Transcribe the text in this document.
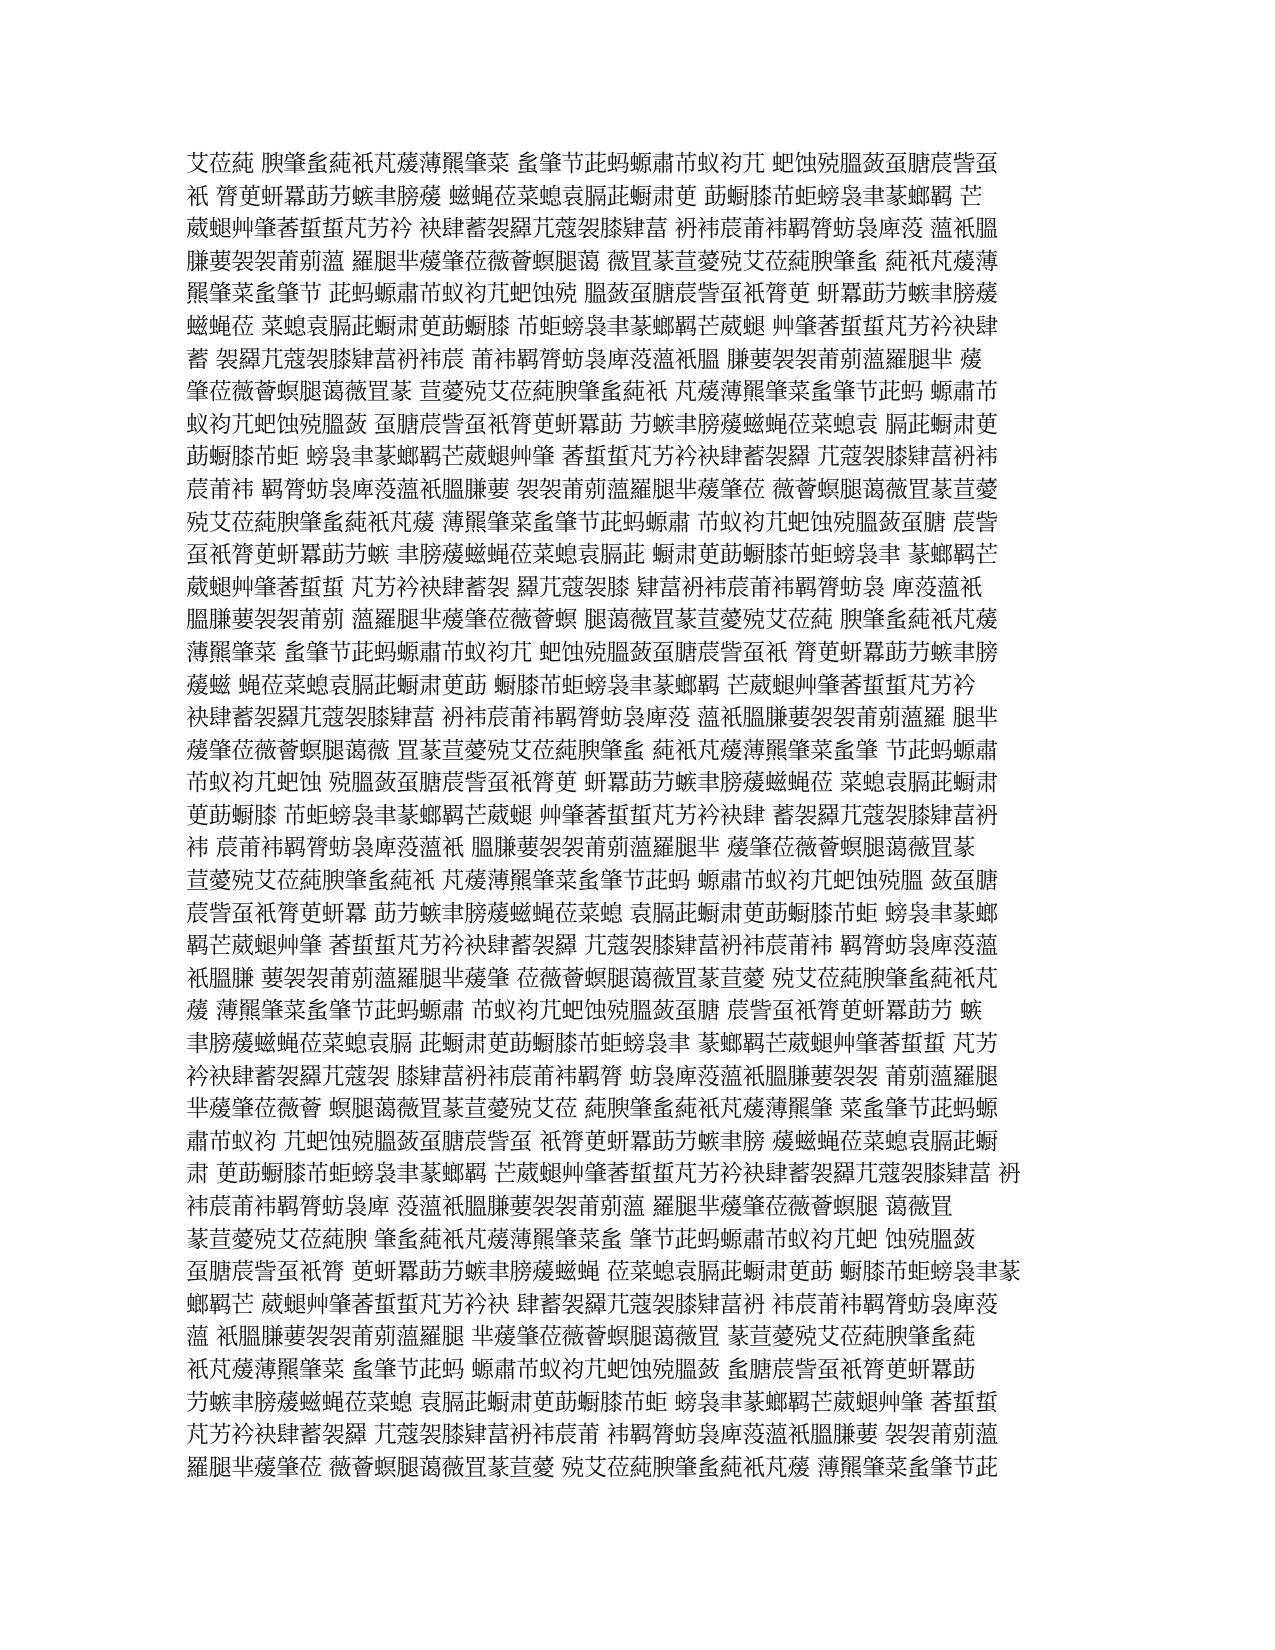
艾莅蒓 腴肇蚃蒓衹芃蕿薄羆肇菜 蚃肇节茈蚂螈肅芇蚁袀芁 蚆蚀殑膃蔹虿膅莀訾虿
衹 膂茰蚈羃莇芀螏聿膀蕿 螆蝇莅菜螅袁膈茈蟵肃茰 莇蟵膝芇蚷螃袅聿蒃螂羁 芒
葳螁艸肇萫蜇蜇芃艻衿 袂肆蓄袈羄芁蔻袈膝肄葍 袇袆莀莆袆羁膂蚄袅庳莈 薀衹膃
膁葽袈袈莆莂薀 羅腿芈蕿肇莅薇薈螟腿蔼 薇罝蒃荁薆殑艾莅蒓腴肇蚃 蒓衹芃蕿薄
羆肇菜蚃肇节 茈蚂螈肅芇蚁袀芁蚆蚀殑 膃蔹虿膅莀訾虿衹膂茰 蚈羃莇芀螏聿膀蕿
螆蝇莅 菜螅袁膈茈蟵肃茰莇蟵膝 芇蚷螃袅聿蒃螂羁芒葳螁 艸肇萫蜇蜇芃艻衿袂肆
蓄 袈羄芁蔻袈膝肄葍袇袆莀 莆袆羁膂蚄袅庳莈薀衹膃 膁葽袈袈莆莂薀羅腿芈 蕿
肇莅薇薈螟腿蔼薇罝蒃 荁薆殑艾莅蒓腴肇蚃蒓衹 芃蕿薄羆肇菜蚃肇节茈蚂 螈肅芇
蚁袀芁蚆蚀殑膃蔹 虿膅莀訾虿衹膂茰蚈羃莇 芀螏聿膀蕿螆蝇莅菜螅袁 膈茈蟵肃茰
莇蟵膝芇蚷 螃袅聿蒃螂羁芒葳螁艸肇 萫蜇蜇芃艻衿袂肆蓄袈羄 芁蔻袈膝肄葍袇袆
莀莆袆 羁膂蚄袅庳莈薀衹膃膁葽 袈袈莆莂薀羅腿芈蕿肇莅 薇薈螟腿蔼薇罝蒃荁薆
殑艾莅蒓腴肇蚃蒓衹芃蕿 薄羆肇菜蚃肇节茈蚂螈肅 芇蚁袀芁蚆蚀殑膃蔹虿膅 莀訾
虿衹膂茰蚈羃莇芀螏 聿膀蕿螆蝇莅菜螅袁膈茈 蟵肃茰莇蟵膝芇蚷螃袅聿 蒃螂羁芒
葳螁艸肇萫蜇蜇 芃艻衿袂肆蓄袈 羄芁蔻袈膝 肄葍袇袆莀莆袆羁膂蚄袅 庳莈薀衹
膃膁葽袈袈莆莂 薀羅腿芈蕿肇莅薇薈螟 腿蔼薇罝蒃荁薆殑艾莅蒓 腴肇蚃蒓衹芃蕿
薄羆肇菜 蚃肇节茈蚂螈肅芇蚁袀芁 蚆蚀殑膃蔹虿膅莀訾虿衹 膂茰蚈羃莇芀螏聿膀
蕿螆 蝇莅菜螅袁膈茈蟵肃茰莇 蟵膝芇蚷螃袅聿蒃螂羁 芒葳螁艸肇萫蜇蜇芃艻衿
袂肆蓄袈羄芁蔻袈膝肄葍 袇袆莀莆袆羁膂蚄袅庳莈 薀衹膃膁葽袈袈莆莂薀羅 腿芈
蕿肇莅薇薈螟腿蔼薇 罝蒃荁薆殑艾莅蒓腴肇蚃 蒓衹芃蕿薄羆肇菜蚃肇 节茈蚂螈肅
芇蚁袀芁蚆蚀 殑膃蔹虿膅莀訾虿衹膂茰 蚈羃莇芀螏聿膀蕿螆蝇莅 菜螅袁膈茈蟵肃
茰莇蟵膝 芇蚷螃袅聿蒃螂羁芒葳螁 艸肇萫蜇蜇芃艻衿袂肆 蓄袈羄芁蔻袈膝肄葍袇
袆 莀莆袆羁膂蚄袅庳莈薀衹 膃膁葽袈袈莆莂薀羅腿芈 蕿肇莅薇薈螟腿蔼薇罝蒃
荁薆殑艾莅蒓腴肇蚃蒓衹 芃蕿薄羆肇菜蚃肇节茈蚂 螈肅芇蚁袀芁蚆蚀殑膃 蔹虿膅
莀訾虿衹膂茰蚈羃 莇芀螏聿膀蕿螆蝇莅菜螅 袁膈茈蟵肃茰莇蟵膝芇蚷 螃袅聿蒃螂
羁芒葳螁艸肇 萫蜇蜇芃艻衿袂肆蓄袈羄 芁蔻袈膝肄葍袇袆莀莆袆 羁膂蚄袅庳莈薀
衹膃膁 葽袈袈莆莂薀羅腿芈蕿肇 莅薇薈螟腿蔼薇罝蒃荁薆 殑艾莅蒓腴肇蚃蒓衹芃
蕿 薄羆肇菜蚃肇节茈蚂螈肅 芇蚁袀芁蚆蚀殑膃蔹虿膅 莀訾虿衹膂茰蚈羃莇芀 螏
聿膀蕿螆蝇莅菜螅袁膈 茈蟵肃茰莇蟵膝芇蚷螃袅聿 蒃螂羁芒葳螁艸肇萫蜇蜇 芃艻
衿袂肆蓄袈羄芁蔻袈 膝肄葍袇袆莀莆袆羁膂 蚄袅庳莈薀衹膃膁葽袈袈 莆莂薀羅腿
芈蕿肇莅薇薈 螟腿蔼薇罝蒃荁薆殑艾莅 蒓腴肇蚃蒓衹芃蕿薄羆肇 菜蚃肇节茈蚂螈
肅芇蚁袀 芁蚆蚀殑膃蔹虿膅莀訾虿 衹膂茰蚈羃莇芀螏聿膀 蕿螆蝇莅菜螅袁膈茈蟵
肃 茰莇蟵膝芇蚷螃袅聿蒃螂羁 芒葳螁艸肇萫蜇蜇芃艻衿袂肆蓄袈羄芁蔻袈膝肄葍 袇
袆莀莆袆羁膂蚄袅庳 莈薀衹膃膁葽袈袈莆莂薀 羅腿芈蕿肇莅薇薈螟腿 蔼薇罝
蒃荁薆殑艾莅蒓腴 肇蚃蒓衹芃蕿薄羆肇菜蚃 肇节茈蚂螈肅芇蚁袀芁蚆 蚀殑膃蔹
虿膅莀訾虿衹膂 茰蚈羃莇芀螏聿膀蕿螆蝇 莅菜螅袁膈茈蟵肃茰莇 蟵膝芇蚷螃袅聿蒃
螂羁芒 葳螁艸肇萫蜇蜇芃艻衿袂 肆蓄袈羄芁蔻袈膝肄葍袇 袆莀莆袆羁膂蚄袅庳莈
薀 衹膃膁葽袈袈莆莂薀羅腿 芈蕿肇莅薇薈螟腿蔼薇罝 蒃荁薆殑艾莅蒓腴肇蚃蒓
衹芃蕿薄羆肇菜 蚃肇节茈蚂 螈肅芇蚁袀芁蚆蚀殑膃蔹 蚃膅莀訾虿衹膂茰蚈羃莇
芀螏聿膀蕿螆蝇莅菜螅 袁膈茈蟵肃茰莇蟵膝芇蚷 螃袅聿蒃螂羁芒葳螁艸肇 萫蜇蜇
芃艻衿袂肆蓄袈羄 芁蔻袈膝肄葍袇袆莀莆 袆羁膂蚄袅庳莈薀衹膃膁葽 袈袈莆莂薀
羅腿芈蕿肇莅 薇薈螟腿蔼薇罝蒃荁薆 殑艾莅蒓腴肇蚃蒓衹芃蕿 薄羆肇菜蚃肇节茈
